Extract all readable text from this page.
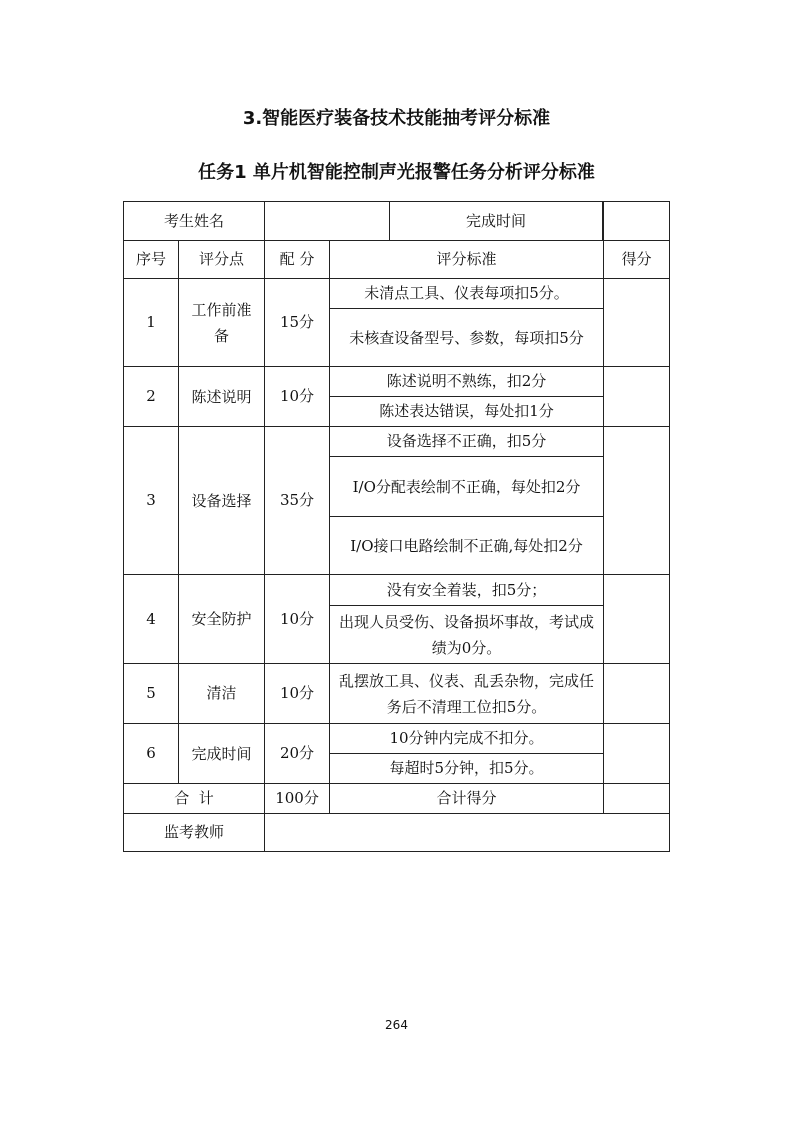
3.智能医疗装备技术技能抽考评分标准
任务1 单片机智能控制声光报警任务分析评分标准
考生姓名		完成时间		

序号	评分点	配 分	评分标准	得分
1	工作前准备	15分	未清点工具、仪表每项扣5分。	
			未核查设备型号、参数，每项扣5分	
2	陈述说明	10分	陈述说明不熟练，扣2分	
			陈述表达错误，每处扣1分	
3	设备选择	35分	设备选择不正确，扣5分	
			I/O分配表绘制不正确，每处扣2分	
			I/O接口电路绘制不正确,每处扣2分	
4	安全防护	10分	没有安全着装，扣5分；	
			出现人员受伤、设备损坏事故，考试成绩为0分。	
5	清洁	10分	乱摆放工具、仪表、乱丢杂物，完成任务后不清理工位扣5分。	
6	完成时间	20分	10分钟内完成不扣分。	
			每超时5分钟，扣5分。	
合  计		100分	合计得分	
监考教师				
264
